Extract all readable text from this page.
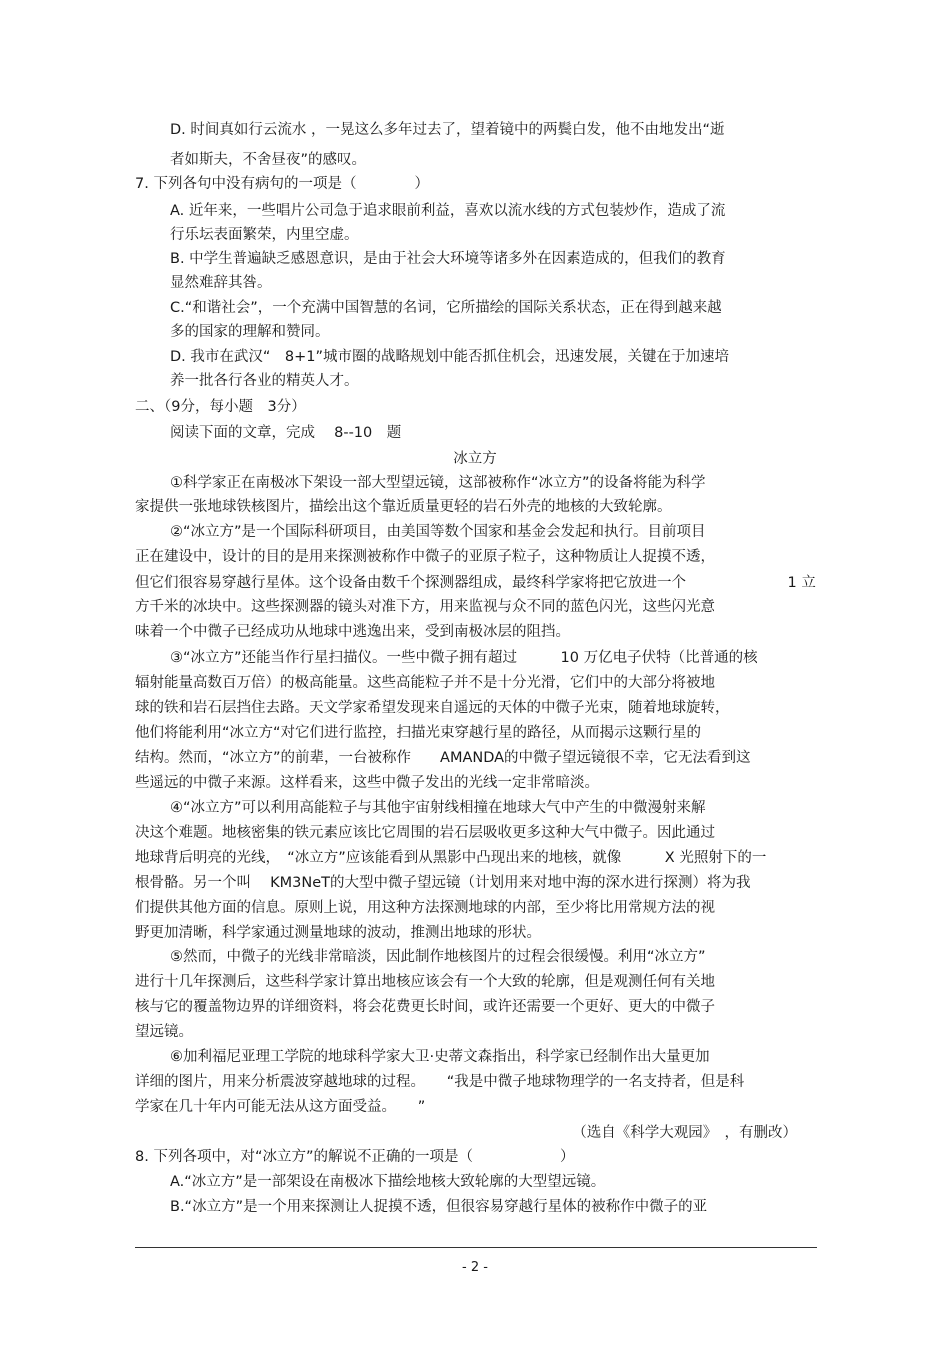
D. 时间真如行云流水 ，一晃这么多年过去了，望着镜中的两鬓白发，他不由地发出“逝
者如斯夫，不舍昼夜”的感叹。
7. 下列各句中没有病句的一项是（　　　　）
A. 近年来，一些唱片公司急于追求眼前利益，喜欢以流水线的方式包装炒作，造成了流
行乐坛表面繁荣，内里空虚。
B. 中学生普遍缺乏感恩意识，是由于社会大环境等诸多外在因素造成的，但我们的教育
显然难辞其咎。
C.“和谐社会”，一个充满中国智慧的名词，它所描绘的国际关系状态，正在得到越来越
多的国家的理解和赞同。
D. 我市在武汉“　8+1”城市圈的战略规划中能否抓住机会，迅速发展，关键在于加速培
养一批各行各业的精英人才。
二、（9分，每小题　3分）
阅读下面的文章，完成　 8--10　题
冰立方
①科学家正在南极冰下架设一部大型望远镜，这部被称作“冰立方”的设备将能为科学
家提供一张地球铁核图片，描绘出这个靠近质量更轻的岩石外壳的地核的大致轮廓。
②“冰立方”是一个国际科研项目，由美国等数个国家和基金会发起和执行。目前项目
正在建设中，设计的目的是用来探测被称作中微子的亚原子粒子，这种物质让人捉摸不透，
但它们很容易穿越行星体。这个设备由数千个探测器组成，最终科学家将把它放进一个　　　　　　　1 立
方千米的冰块中。这些探测器的镜头对准下方，用来监视与众不同的蓝色闪光，这些闪光意
味着一个中微子已经成功从地球中逃逸出来，受到南极冰层的阻挡。
③“冰立方”还能当作行星扫描仪。一些中微子拥有超过　　　10 万亿电子伏特（比普通的核
辐射能量高数百万倍）的极高能量。这些高能粒子并不是十分光滑，它们中的大部分将被地
球的铁和岩石层挡住去路。天文学家希望发现来自遥远的天体的中微子光束，随着地球旋转，
他们将能利用“冰立方“对它们进行监控，扫描光束穿越行星的路径，从而揭示这颗行星的
结构。然而，“冰立方”的前辈，一台被称作　　AMANDA的中微子望远镜很不幸，它无法看到这
些遥远的中微子来源。这样看来，这些中微子发出的光线一定非常暗淡。
④“冰立方”可以利用高能粒子与其他宇宙射线相撞在地球大气中产生的中微漫射来解
决这个难题。地核密集的铁元素应该比它周围的岩石层吸收更多这种大气中微子。因此通过
地球背后明亮的光线，　“冰立方”应该能看到从黑影中凸现出来的地核，就像　　　X 光照射下的一
根骨骼。另一个叫　 KM3NeT的大型中微子望远镜（计划用来对地中海的深水进行探测）将为我
们提供其他方面的信息。原则上说，用这种方法探测地球的内部，至少将比用常规方法的视
野更加清晰，科学家通过测量地球的波动，推测出地球的形状。
⑤然而，中微子的光线非常暗淡，因此制作地核图片的过程会很缓慢。利用“冰立方”
进行十几年探测后，这些科学家计算出地核应该会有一个大致的轮廓，但是观测任何有关地
核与它的覆盖物边界的详细资料，将会花费更长时间，或许还需要一个更好、更大的中微子
望远镜。
⑥加利福尼亚理工学院的地球科学家大卫·史蒂文森指出，科学家已经制作出大量更加
详细的图片，用来分析震波穿越地球的过程。　　“我是中微子地球物理学的一名支持者，但是科
学家在几十年内可能无法从这方面受益。　　”
（选自《科学大观园》　，有删改）
8. 下列各项中，对“冰立方”的解说不正确的一项是（　　　　　　）
A.“冰立方”是一部架设在南极冰下描绘地核大致轮廓的大型望远镜。
B.“冰立方”是一个用来探测让人捉摸不透，但很容易穿越行星体的被称作中微子的亚
- 2 -
